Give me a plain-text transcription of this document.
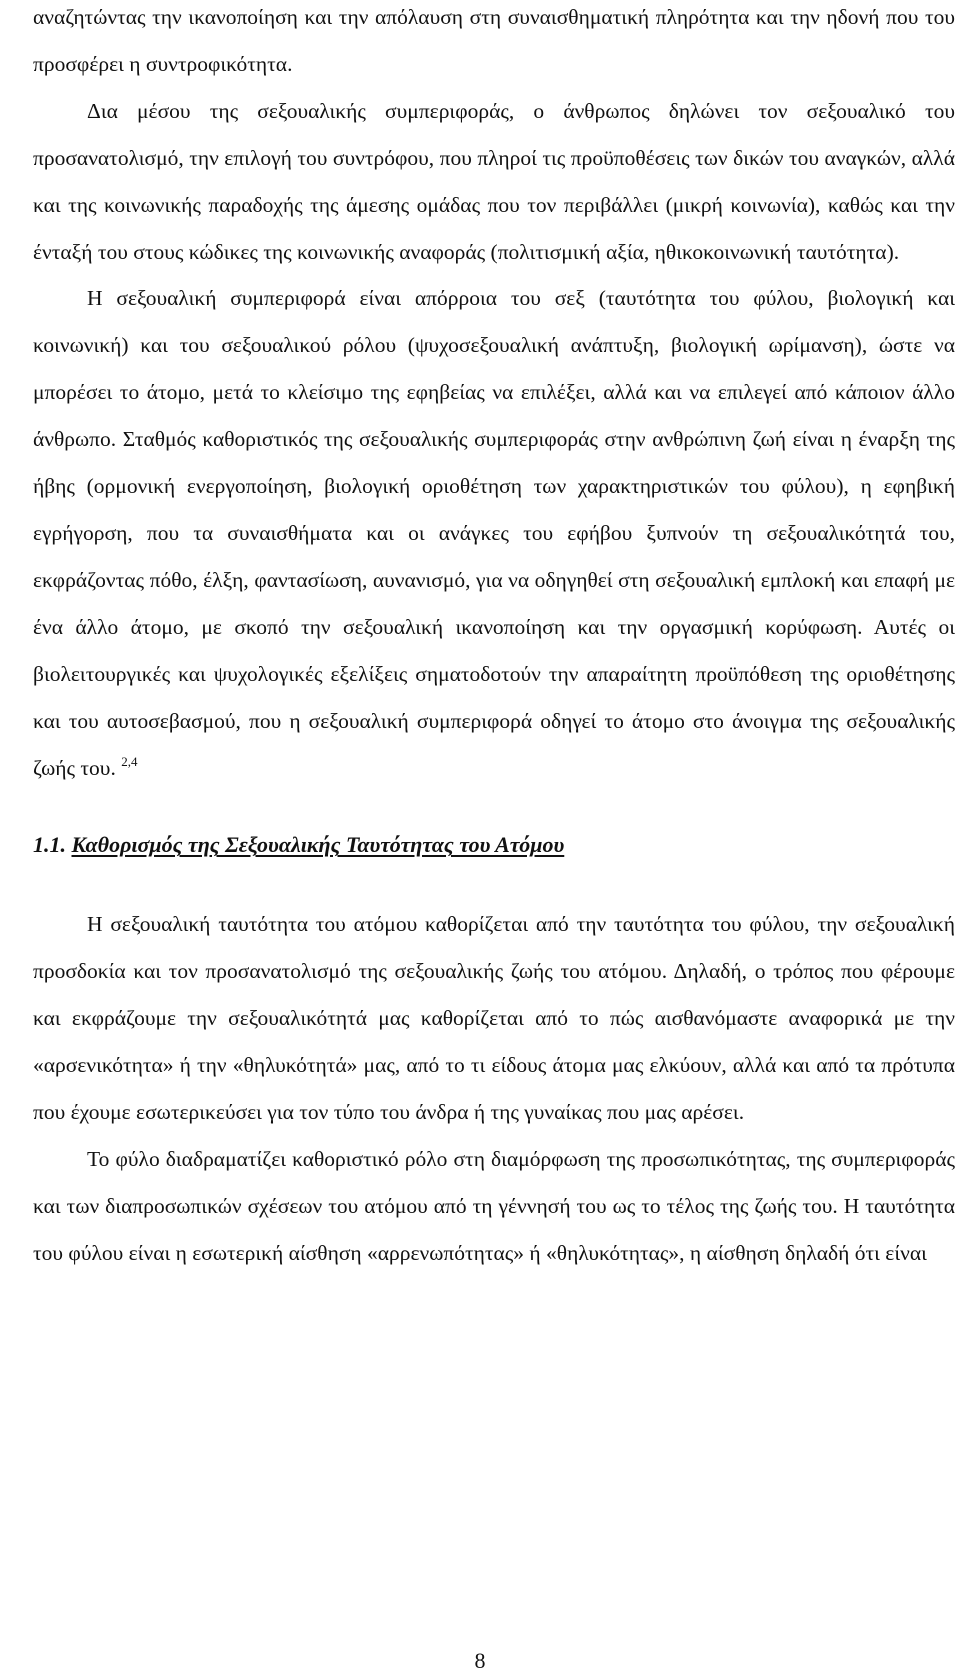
αναζητώντας την ικανοποίηση και την απόλαυση στη συναισθηματική πληρότητα και την ηδονή που του προσφέρει η συντροφικότητα.

Δια μέσου της σεξουαλικής συμπεριφοράς, ο άνθρωπος δηλώνει τον σεξουαλικό του προσανατολισμό, την επιλογή του συντρόφου, που πληροί τις προϋποθέσεις των δικών του αναγκών, αλλά και της κοινωνικής παραδοχής της άμεσης ομάδας που τον περιβάλλει (μικρή κοινωνία), καθώς και την ένταξή του στους κώδικες της κοινωνικής αναφοράς (πολιτισμική αξία, ηθικοκοινωνική ταυτότητα).

Η σεξουαλική συμπεριφορά είναι απόρροια του σεξ (ταυτότητα του φύλου, βιολογική και κοινωνική) και του σεξουαλικού ρόλου (ψυχοσεξουαλική ανάπτυξη, βιολογική ωρίμανση), ώστε να μπορέσει το άτομο, μετά το κλείσιμο της εφηβείας να επιλέξει, αλλά και να επιλεγεί από κάποιον άλλο άνθρωπο. Σταθμός καθοριστικός της σεξουαλικής συμπεριφοράς στην ανθρώπινη ζωή είναι η έναρξη της ήβης (ορμονική ενεργοποίηση, βιολογική οριοθέτηση των χαρακτηριστικών του φύλου), η εφηβική εγρήγορση, που τα συναισθήματα και οι ανάγκες του εφήβου ξυπνούν τη σεξουαλικότητά του, εκφράζοντας πόθο, έλξη, φαντασίωση, αυνανισμό, για να οδηγηθεί στη σεξουαλική εμπλοκή και επαφή με ένα άλλο άτομο, με σκοπό την σεξουαλική ικανοποίηση και την οργασμική κορύφωση. Αυτές οι βιολειτουργικές και ψυχολογικές εξελίξεις σηματοδοτούν την απαραίτητη προϋπόθεση της οριοθέτησης και του αυτοσεβασμού, που η σεξουαλική συμπεριφορά οδηγεί το άτομο στο άνοιγμα της σεξουαλικής ζωής του. $^{2,4}$

1.1. Καθορισμός της Σεξουαλικής Ταυτότητας του Ατόμου

Η σεξουαλική ταυτότητα του ατόμου καθορίζεται από την ταυτότητα του φύλου, την σεξουαλική προσδοκία και τον προσανατολισμό της σεξουαλικής ζωής του ατόμου. Δηλαδή, ο τρόπος που φέρουμε και εκφράζουμε την σεξουαλικότητά μας καθορίζεται από το πώς αισθανόμαστε αναφορικά με την «αρσενικότητα» ή την «θηλυκότητά» μας, από το τι είδους άτομα μας ελκύουν, αλλά και από τα πρότυπα που έχουμε εσωτερικεύσει για τον τύπο του άνδρα ή της γυναίκας που μας αρέσει.

Το φύλο διαδραματίζει καθοριστικό ρόλο στη διαμόρφωση της προσωπικότητας, της συμπεριφοράς και των διαπροσωπικών σχέσεων του ατόμου από τη γέννησή του ως το τέλος της ζωής του. Η ταυτότητα του φύλου είναι η εσωτερική αίσθηση «αρρενωπότητας» ή «θηλυκότητας», η αίσθηση δηλαδή ότι είναι

8
